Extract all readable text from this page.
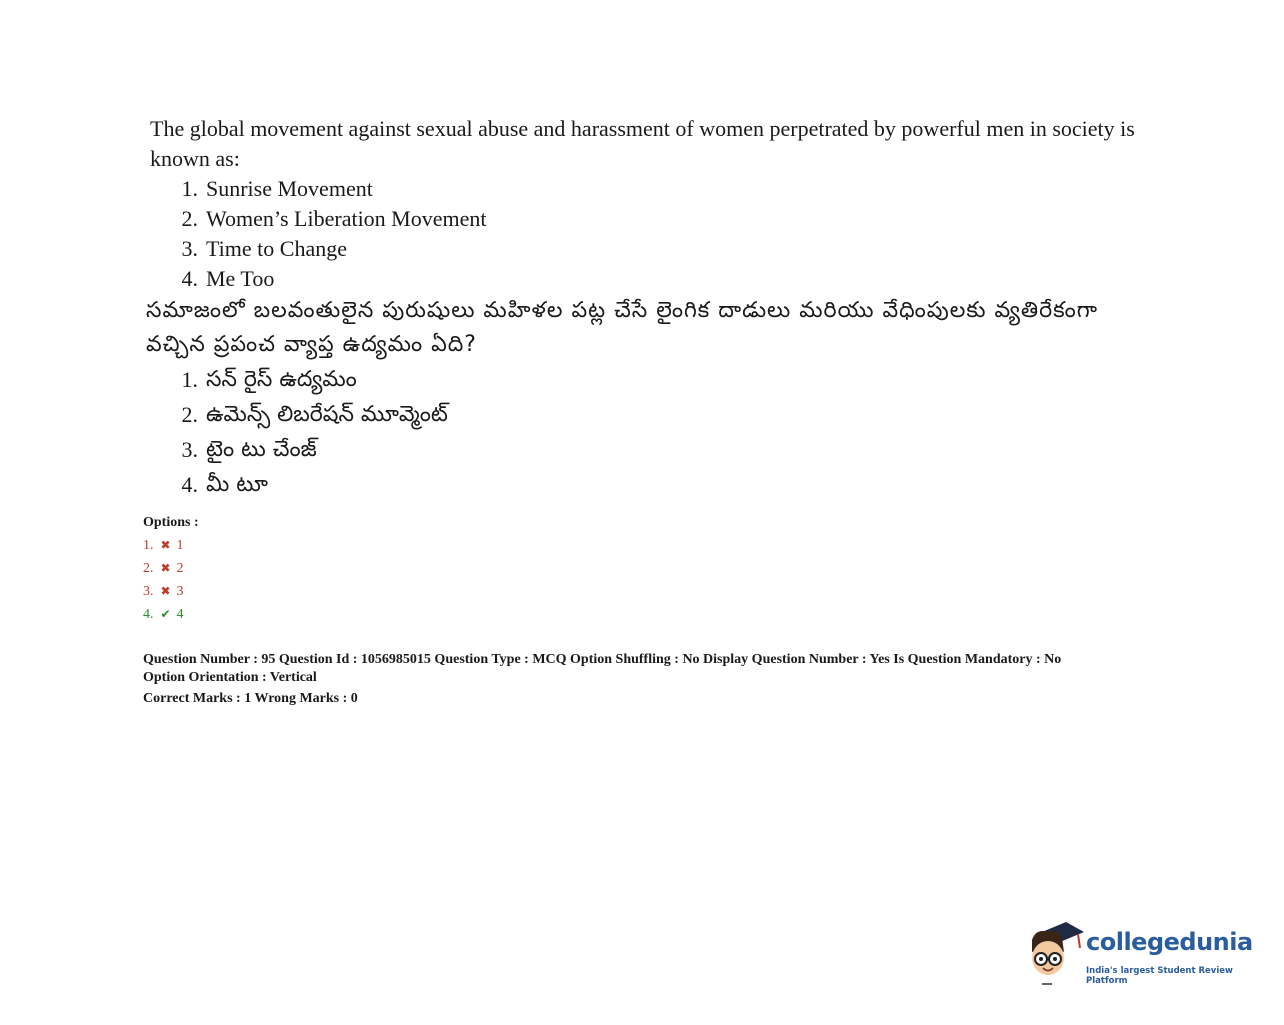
The global movement against sexual abuse and harassment of women perpetrated by powerful men in society is known as:

1. Sunrise Movement
2. Women’s Liberation Movement
3. Time to Change
4. Me Too

సమాజంలో బలవంతులైన పురుషులు మహిళల పట్ల చేసే లైంగిక దాడులు మరియు వేధింపులకు వ్యతిరేకంగా వచ్చిన ప్రపంచ వ్యాప్త ఉద్యమం ఏది?

1. సన్ రైస్ ఉద్యమం
2. ఉమెన్స్ లిబరేషన్ మూవ్మెంట్
3. టైం టు చేంజ్
4. మీ టూ
Options :
1. ✖ 1
2. ✖ 2
3. ✖ 3
4. ✔ 4

Question Number : 95 Question Id : 1056985015 Question Type : MCQ Option Shuffling : No Display Question Number : Yes Is Question Mandatory : No

Option Orientation : Vertical

Correct Marks : 1 Wrong Marks : 0

collegedunia
India's largest Student Review Platform
